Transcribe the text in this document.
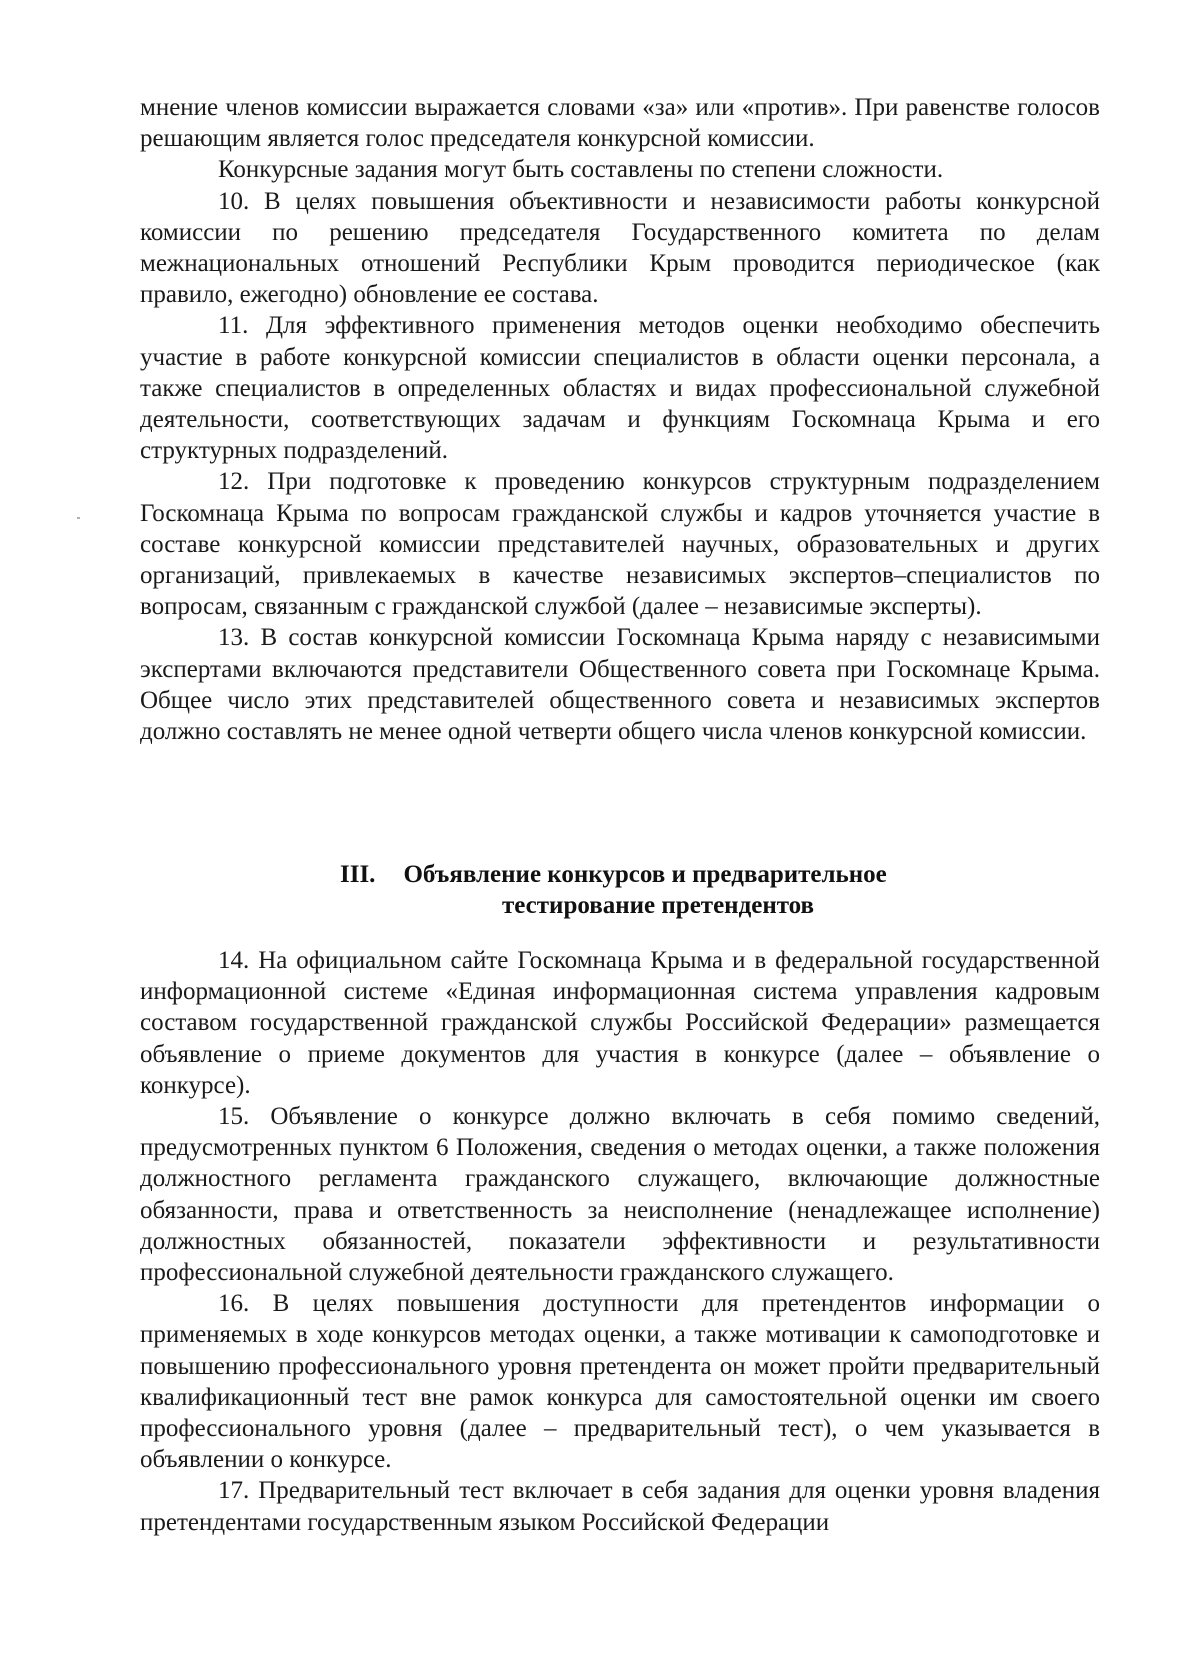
мнение членов комиссии выражается словами «за» или «против». При равенстве голосов решающим является голос председателя конкурсной комиссии.

Конкурсные задания могут быть составлены по степени сложности.

10. В целях повышения объективности и независимости работы конкурсной комиссии по решению председателя Государственного комитета по делам межнациональных отношений Республики Крым проводится периодическое (как правило, ежегодно) обновление ее состава.

11. Для эффективного применения методов оценки необходимо обеспечить участие в работе конкурсной комиссии специалистов в области оценки персонала, а также специалистов в определенных областях и видах профессиональной служебной деятельности, соответствующих задачам и функциям Госкомнаца Крыма и его структурных подразделений.

12. При подготовке к проведению конкурсов структурным подразделением Госкомнаца Крыма по вопросам гражданской службы и кадров уточняется участие в составе конкурсной комиссии представителей научных, образовательных и других организаций, привлекаемых в качестве независимых экспертов–специалистов по вопросам, связанным с гражданской службой (далее – независимые эксперты).

13. В состав конкурсной комиссии Госкомнаца Крыма наряду с независимыми экспертами включаются представители Общественного совета при Госкомнаце Крыма. Общее число этих представителей общественного совета и независимых экспертов должно составлять не менее одной четверти общего числа членов конкурсной комиссии.

III. Объявление конкурсов и предварительное
тестирование претендентов

14. На официальном сайте Госкомнаца Крыма и в федеральной государственной информационной системе «Единая информационная система управления кадровым составом государственной гражданской службы Российской Федерации» размещается объявление о приеме документов для участия в конкурсе (далее – объявление о конкурсе).

15. Объявление о конкурсе должно включать в себя помимо сведений, предусмотренных пунктом 6 Положения, сведения о методах оценки, а также положения должностного регламента гражданского служащего, включающие должностные обязанности, права и ответственность за неисполнение (ненадлежащее исполнение) должностных обязанностей, показатели эффективности и результативности профессиональной служебной деятельности гражданского служащего.

16. В целях повышения доступности для претендентов информации о применяемых в ходе конкурсов методах оценки, а также мотивации к самоподготовке и повышению профессионального уровня претендента он может пройти предварительный квалификационный тест вне рамок конкурса для самостоятельной оценки им своего профессионального уровня (далее – предварительный тест), о чем указывается в объявлении о конкурсе.

17. Предварительный тест включает в себя задания для оценки уровня владения претендентами государственным языком Российской Федерации
